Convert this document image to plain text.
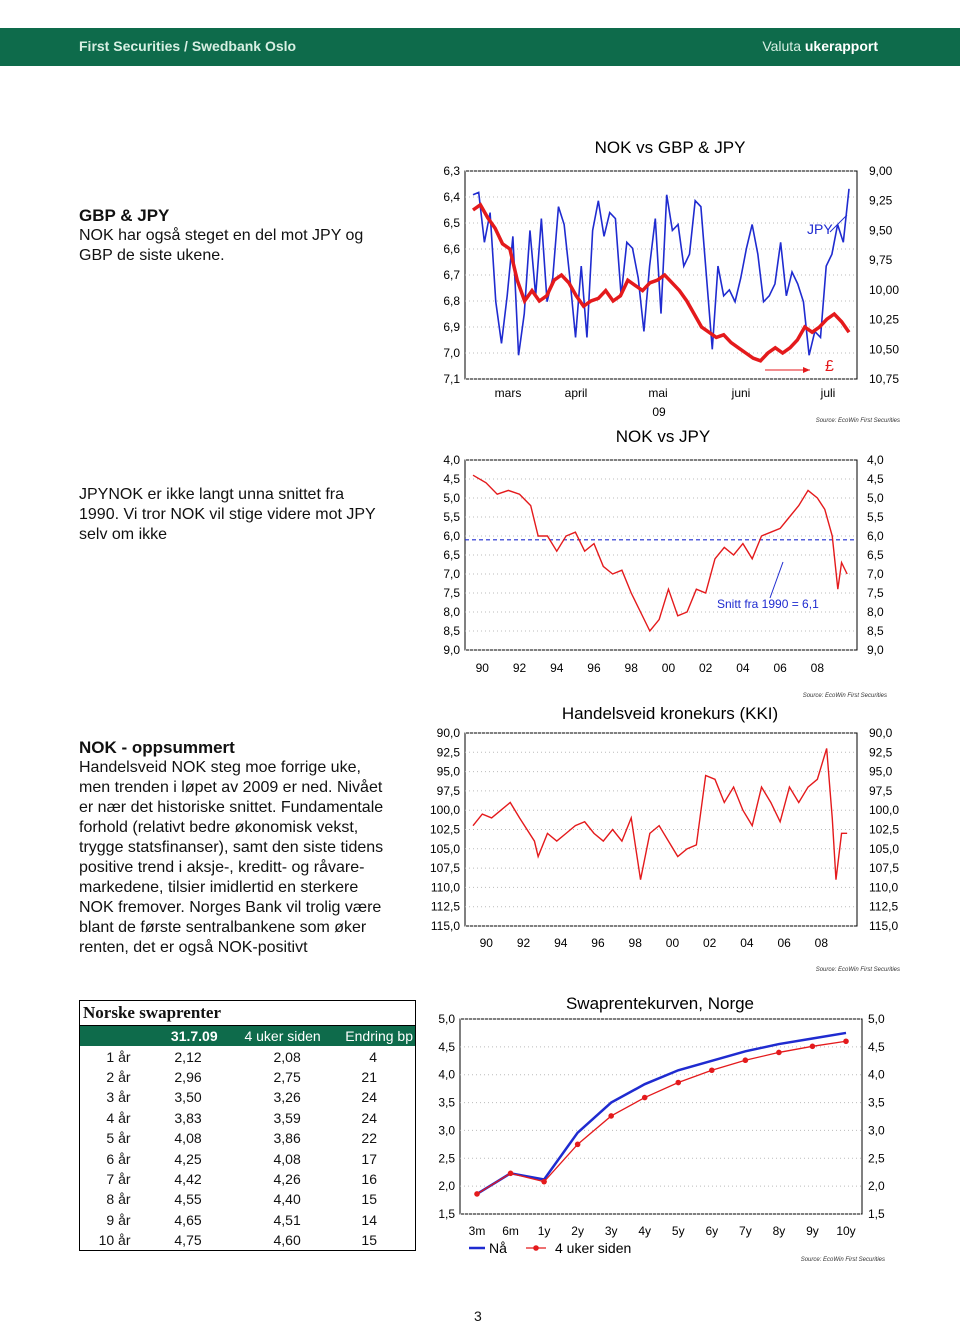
First Securities / Swedbank Oslo	Valuta ukerapport
GBP & JPY

NOK har også steget en del mot JPY og

GBP de siste ukene.

JPYNOK er ikke langt unna snittet fra

1990. Vi tror NOK vil stige videre mot JPY

selv om ikke

NOK - oppsummert

Handelsveid NOK steg moe forrige uke,

men trenden i løpet av 2009 er ned. Nivået

er nær det historiske snittet. Fundamentale

forhold (relativt bedre økonomisk vekst,

trygge statsfinanser), samt den siste tidens

positive trend i aksje-, kreditt- og råvare-

markedene, tilsier imidlertid en sterkere

NOK fremover. Norges Bank vil trolig være

blant de første sentralbankene som øker

renten, det er også NOK-positivt

Norske swaprenter			
	31.7.09	4 uker siden	Endring bp
1 år	2,12	2,08	4
2 år	2,96	2,75	21
3 år	3,50	3,26	24
4 år	3,83	3,59	24
5 år	4,08	3,86	22
6 år	4,25	4,08	17
7 år	4,42	4,26	16
8 år	4,55	4,40	15
9 år	4,65	4,51	14
10 år	4,75	4,60	15
NOK vs GBP & JPY
6,3
6,4
6,5
6,6
6,7
6,8
6,9
7,0
7,1
9,00
9,25
9,50
9,75
10,00
10,25
10,50
10,75
mars	april	mai	juni	juli
09
JPY
£
Source: EcoWin First Securities
NOK vs JPY
4,0	4,0
4,5	4,5
5,0	5,0
5,5	5,5
6,0	6,0
6,5	6,5
7,0	7,0
7,5	7,5
8,0	8,0
8,5	8,5
9,0	9,0
90 92 94 96 98 00 02 04 06 08
Snitt fra 1990 = 6,1
Source: EcoWin First Securities
Handelsveid kronekurs (KKI)
90,0	90,0
92,5	92,5
95,0	95,0
97,5	97,5
100,0	100,0
102,5	102,5
105,0	105,0
107,5	107,5
110,0	110,0
112,5	112,5
115,0	115,0
90 92 94 96 98 00 02 04 06 08
Source: EcoWin First Securities
Swaprentekurven, Norge
5,0	5,0
4,5	4,5
4,0	4,0
3,5	3,5
3,0	3,0
2,5	2,5
2,0	2,0
1,5	1,5
3m 6m 1y 2y 3y 4y 5y 6y 7y 8y 9y 10y
Nå	4 uker siden
Source: EcoWin First Securities
3
